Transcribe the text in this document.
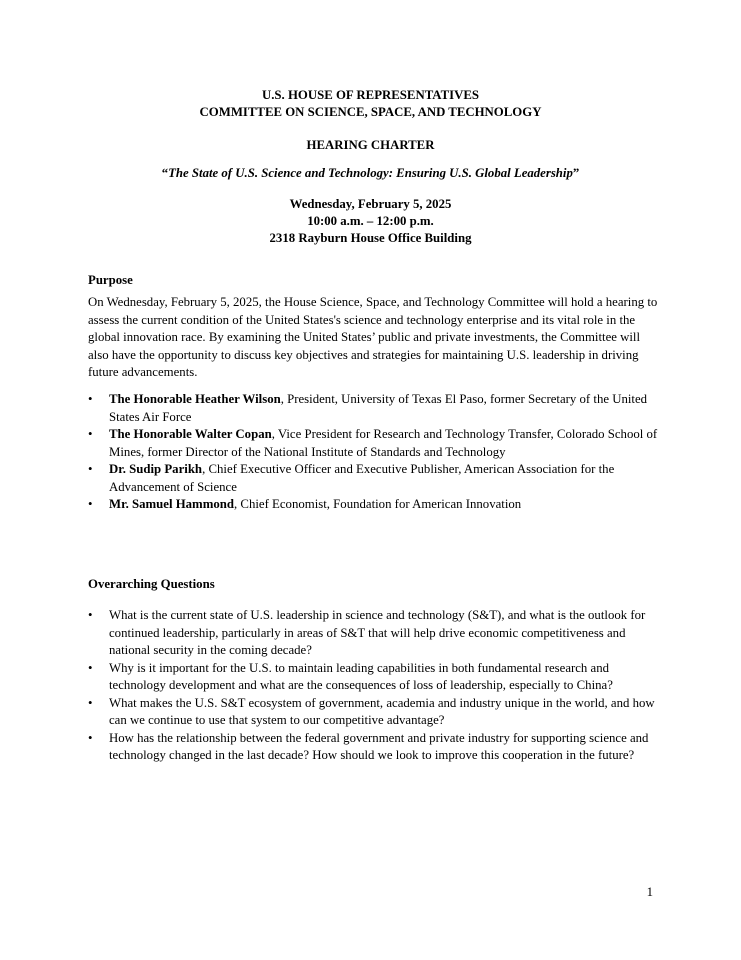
U.S. HOUSE OF REPRESENTATIVES
COMMITTEE ON SCIENCE, SPACE, AND TECHNOLOGY
HEARING CHARTER
“The State of U.S. Science and Technology: Ensuring U.S. Global Leadership”
Wednesday, February 5, 2025
10:00 a.m. – 12:00 p.m.
2318 Rayburn House Office Building
Purpose
On Wednesday, February 5, 2025, the House Science, Space, and Technology Committee will hold a hearing to assess the current condition of the United States's science and technology enterprise and its vital role in the global innovation race. By examining the United States’ public and private investments, the Committee will also have the opportunity to discuss key objectives and strategies for maintaining U.S. leadership in driving future advancements.
• The Honorable Heather Wilson, President, University of Texas El Paso, former Secretary of the United States Air Force
• The Honorable Walter Copan, Vice President for Research and Technology Transfer, Colorado School of Mines, former Director of the National Institute of Standards and Technology
• Dr. Sudip Parikh, Chief Executive Officer and Executive Publisher, American Association for the Advancement of Science
• Mr. Samuel Hammond, Chief Economist, Foundation for American Innovation
Overarching Questions
• What is the current state of U.S. leadership in science and technology (S&T), and what is the outlook for continued leadership, particularly in areas of S&T that will help drive economic competitiveness and national security in the coming decade?
• Why is it important for the U.S. to maintain leading capabilities in both fundamental research and technology development and what are the consequences of loss of leadership, especially to China?
• What makes the U.S. S&T ecosystem of government, academia and industry unique in the world, and how can we continue to use that system to our competitive advantage?
• How has the relationship between the federal government and private industry for supporting science and technology changed in the last decade? How should we look to improve this cooperation in the future?
1
